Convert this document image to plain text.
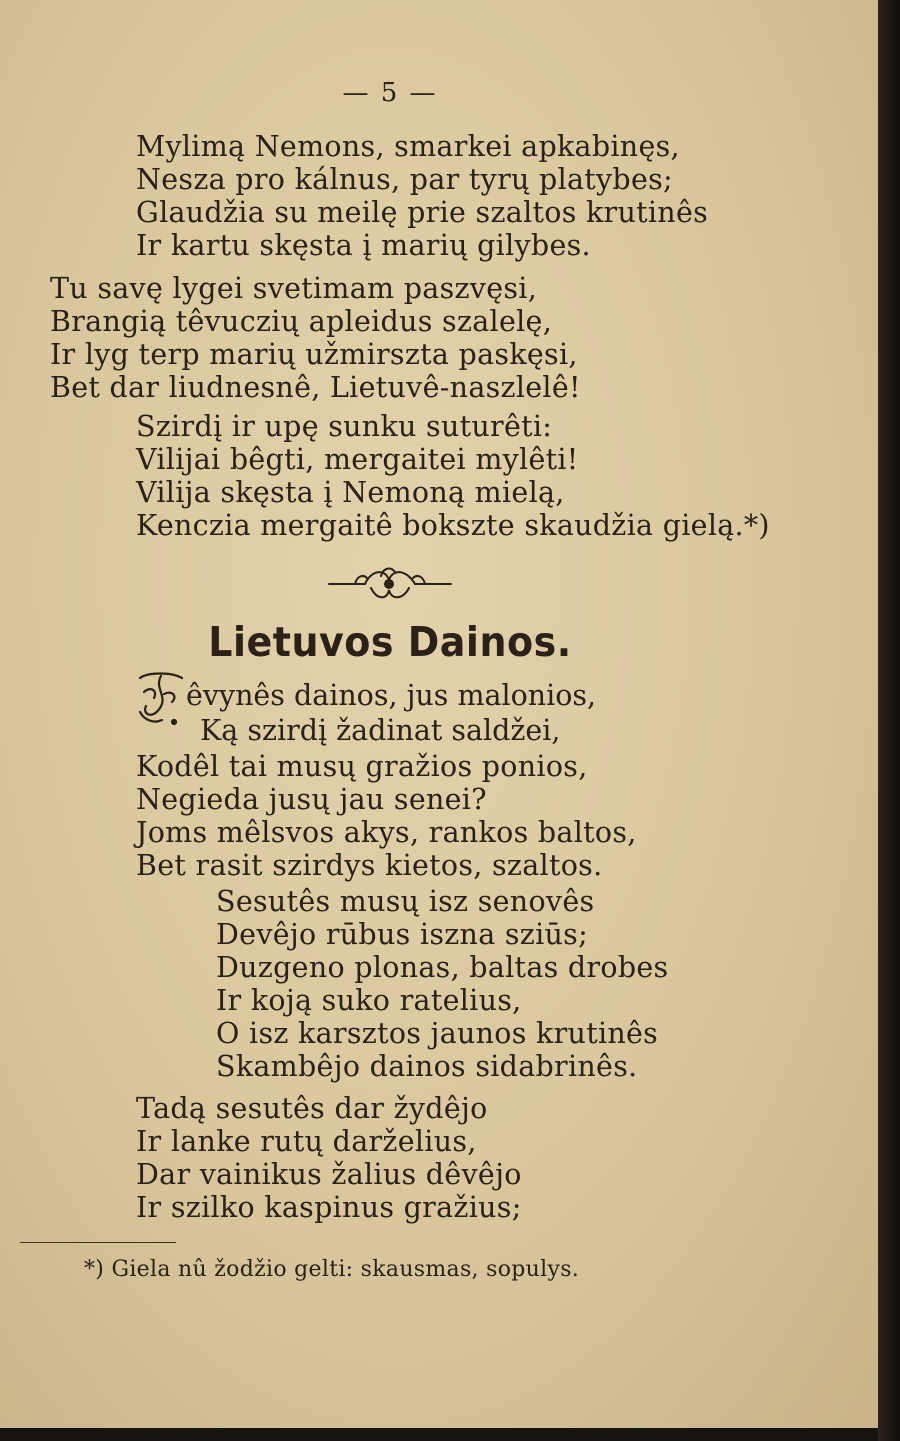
— 5 —
Mylimą Nemons, smarkei apkabinęs,
Nesza pro kálnus, par tyrų platybes;
Glaudžia su meilę prie szaltos krutinês
Ir kartu skęsta į marių gilybes.
Tu savę lygei svetimam paszvęsi,
Brangią têvuczių apleidus szalelę,
Ir lyg terp marių užmirszta paskęsi,
Bet dar liudnesnê, Lietuvê-naszlelê!
Szirdį ir upę sunku suturêti:
Vilijai bêgti, mergaitei mylêti!
Vilija skęsta į Nemoną mielą,
Kenczia mergaitê bokszte skaudžia gielą.*)
Lietuvos Dainos.
êvynês dainos, jus malonios,
Ką szirdį žadinat saldžei,
Kodêl tai musų gražios ponios,
Negieda jusų jau senei?
Joms mêlsvos akys, rankos baltos,
Bet rasit szirdys kietos, szaltos.
Sesutês musų isz senovês
Devêjo rūbus iszna sziūs;
Duzgeno plonas, baltas drobes
Ir koją suko ratelius,
O isz karsztos jaunos krutinês
Skambêjo dainos sidabrinês.
Tadą sesutês dar žydêjo
Ir lanke rutų darželius,
Dar vainikus žalius dêvêjo
Ir szilko kaspinus gražius;
*) Giela nû žodžio gelti: skausmas, sopulys.
